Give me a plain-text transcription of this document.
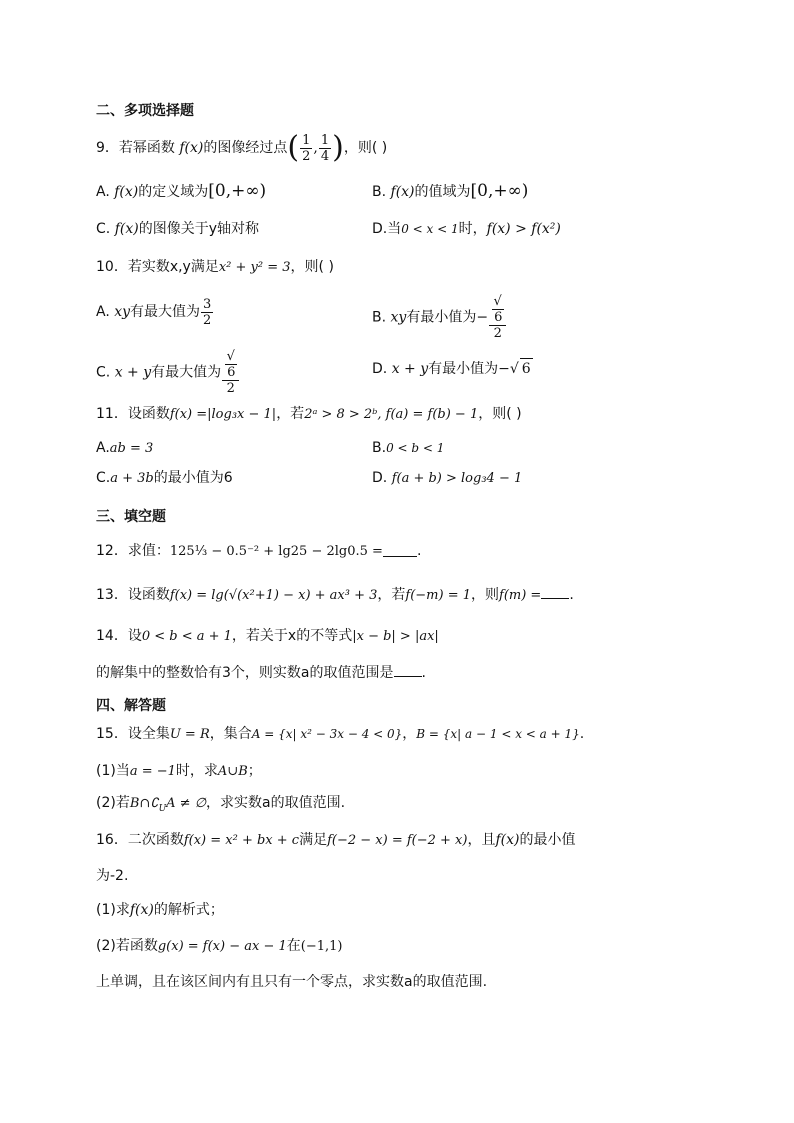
二、多项选择题
9．若幂函数 f(x)的图像经过点( $\frac{1}{2}$ , $\frac{1}{4}$ )，则( )
A. f(x)的定义域为[0,+∞)	B. f(x)的值域为[0,+∞)
C. f(x)的图像关于y轴对称	D.当0 < x < 1时，f(x) > f(x²)
10．若实数x,y满足x² + y² = 3，则( )
A. xy有最大值为 $\frac{3}{2}$	B. xy有最小值为− √
6
2
C. x + y有最大值为 √
6
2	D. x + y有最小值为−√ 6
11．设函数f(x) =|log₃x − 1|，若2ᵃ > 8 > 2ᵇ, f(a) = f(b) − 1，则( )
A.ab = 3	B.0 < b < 1
C.a + 3b的最小值为6	D. f(a + b) > log₃4 − 1
三、填空题
12．求值：125⅓ − 0.5⁻² + lg25 − 2lg0.5 = .
13．设函数f(x) = lg(√(x²+1) − x) + ax³ + 3，若f(−m) = 1，则f(m) = .
14．设0 < b < a + 1，若关于x的不等式|x − b| > |ax|
的解集中的整数恰有3个，则实数a的取值范围是 .
四、解答题
15．设全集U = R，集合A = {x| x² − 3x − 4 < 0}，B = {x| a − 1 < x < a + 1}.
(1)当a = −1时，求A∪B；
(2)若$B\cap∁_UA$ ≠ ∅，求实数a的取值范围.
16．二次函数f(x) = x² + bx + c满足f(−2 − x) = f(−2 + x)，且f(x)的最小值
为-2.
(1)求f(x)的解析式；
(2)若函数g(x) = f(x) − ax − 1在(−1,1)
上单调，且在该区间内有且只有一个零点，求实数a的取值范围.
